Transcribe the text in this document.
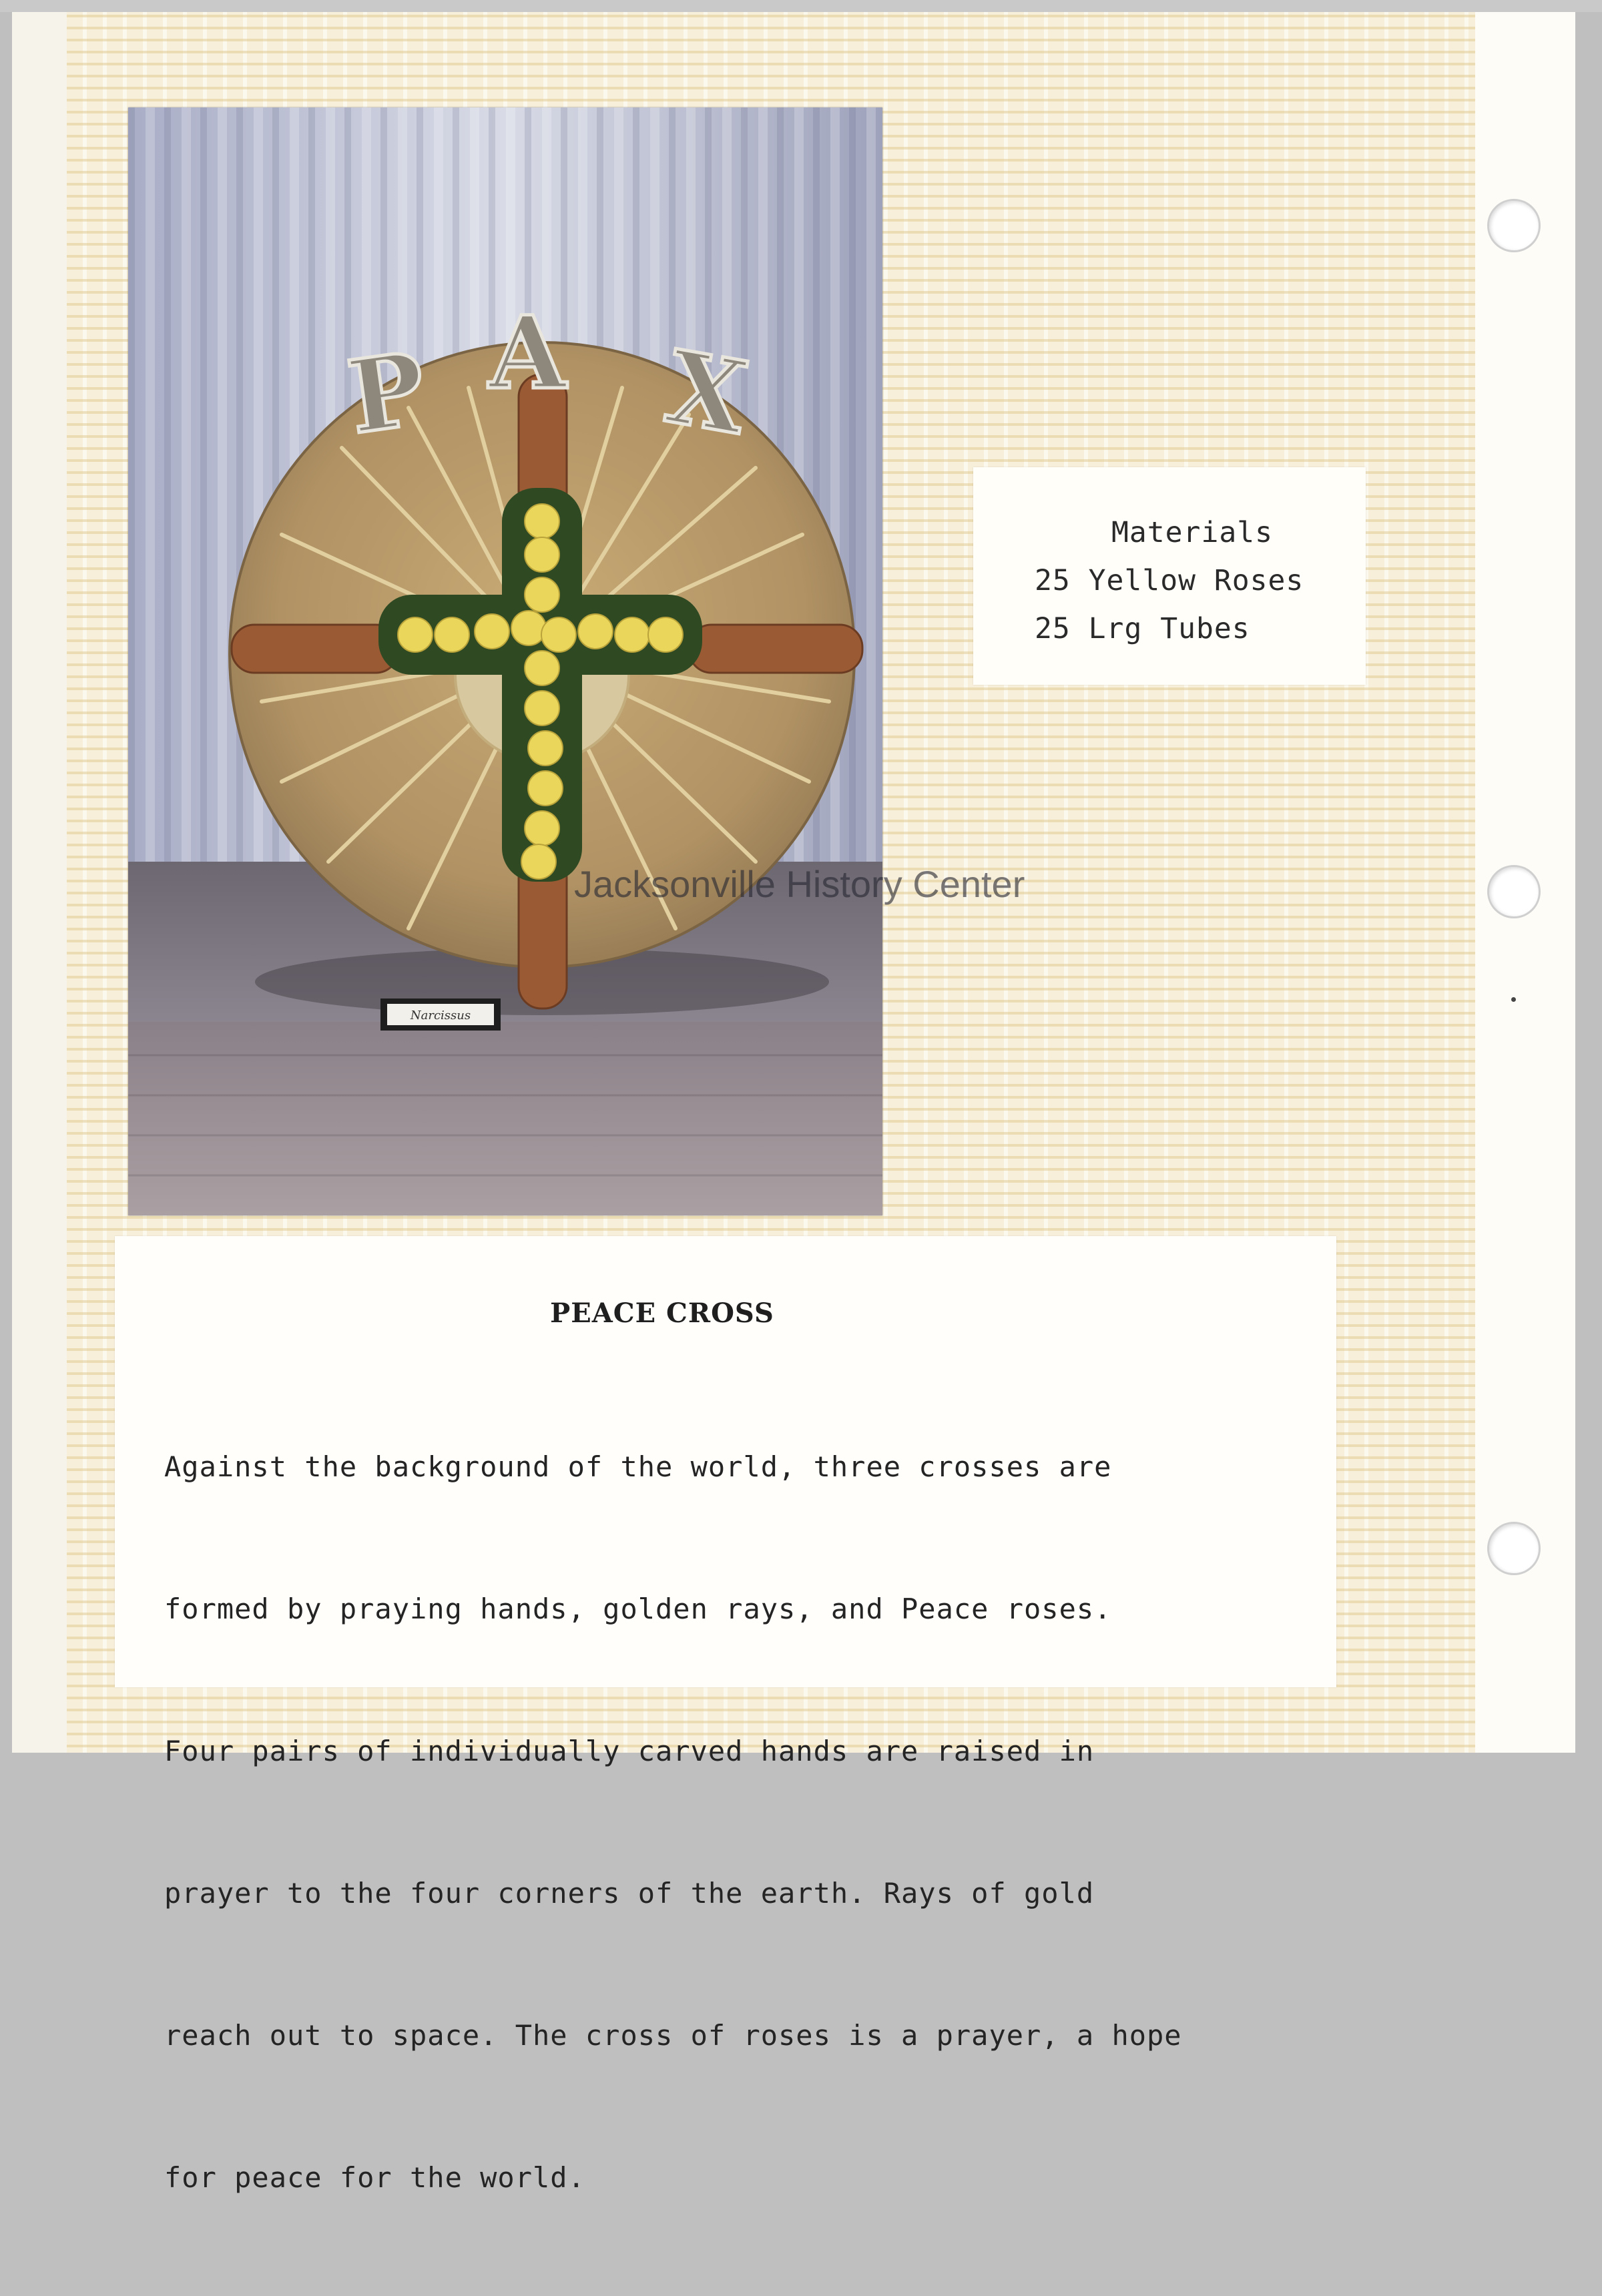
P A X
Narcissus
Materials
25 Yellow Roses
25 Lrg Tubes
PEACE CROSS

Against the background of the world, three crosses are

formed by praying hands, golden rays, and Peace roses.

Four pairs of individually carved hands are raised in

prayer to the four corners of the earth. Rays of gold

reach out to space. The cross of roses is a prayer, a hope

for peace for the world.

Jacksonville History Center
